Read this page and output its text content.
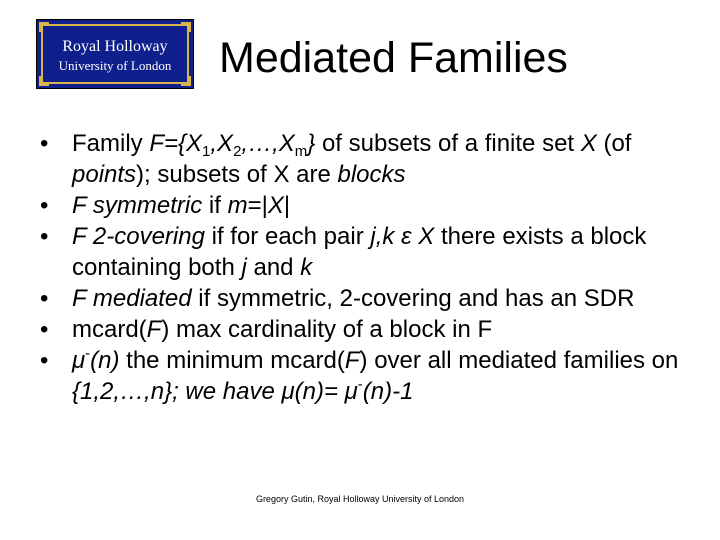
Royal Holloway
University of London	Mediated Families
• Family $F=\{X_1,X_2,\dots,X_m\}$ of subsets of a finite set X (of points); subsets of X are blocks
• F symmetric if m=|X|
• F 2-covering if for each pair j,k ε X there exists a block containing both j and k
• F mediated if symmetric, 2-covering and has an SDR
• mcard(F) max cardinality of a block in F
• μ-(n) the minimum mcard(F) over all mediated families on {1,2,…,n}; we have μ(n)= μ-(n)-1
Gregory Gutin, Royal Holloway University of London
